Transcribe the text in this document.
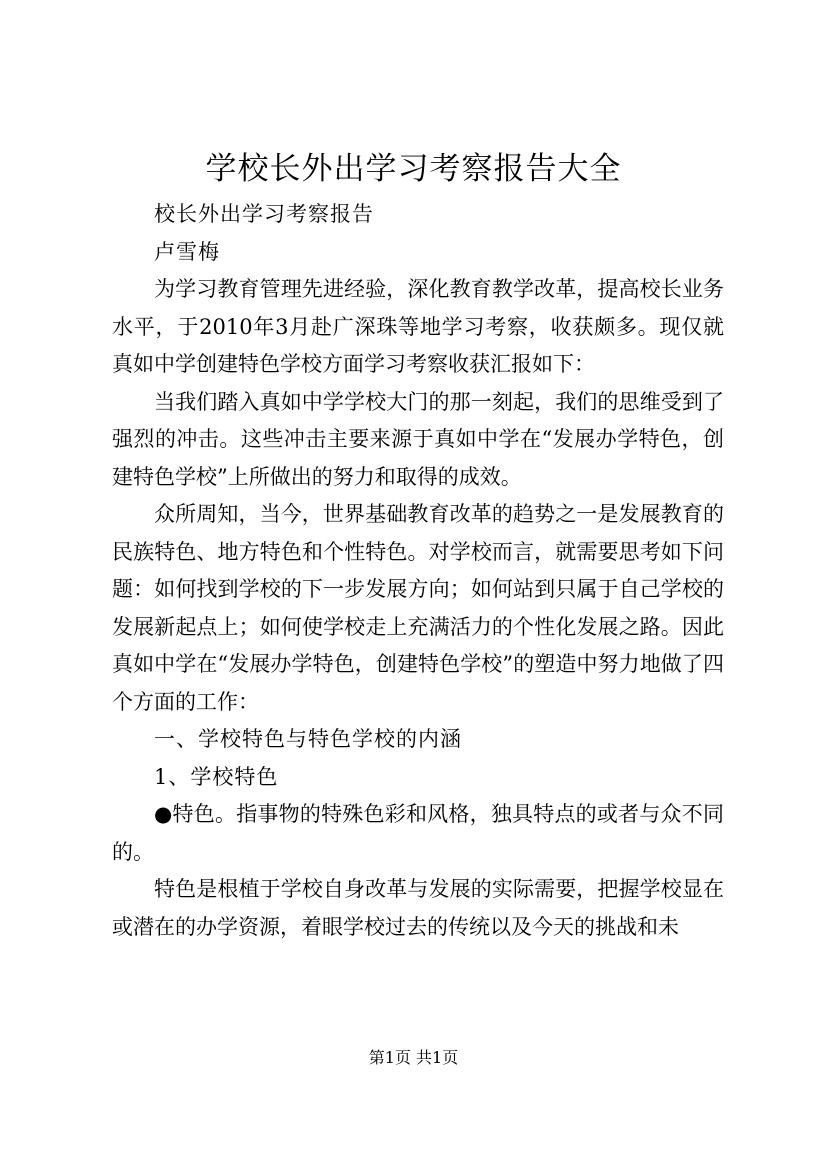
学校长外出学习考察报告大全

校长外出学习考察报告

卢雪梅

为学习教育管理先进经验，深化教育教学改革，提高校长业务水平，于2010年3月赴广深珠等地学习考察，收获颇多。现仅就真如中学创建特色学校方面学习考察收获汇报如下：

当我们踏入真如中学学校大门的那一刻起，我们的思维受到了强烈的冲击。这些冲击主要来源于真如中学在“发展办学特色，创建特色学校”上所做出的努力和取得的成效。

众所周知，当今，世界基础教育改革的趋势之一是发展教育的民族特色、地方特色和个性特色。对学校而言，就需要思考如下问题：如何找到学校的下一步发展方向；如何站到只属于自己学校的发展新起点上；如何使学校走上充满活力的个性化发展之路。因此真如中学在“发展办学特色，创建特色学校”的塑造中努力地做了四个方面的工作：

一、学校特色与特色学校的内涵

1、学校特色

●特色。指事物的特殊色彩和风格，独具特点的或者与众不同的。

特色是根植于学校自身改革与发展的实际需要，把握学校显在或潜在的办学资源，着眼学校过去的传统以及今天的挑战和未

第1页 共1页
